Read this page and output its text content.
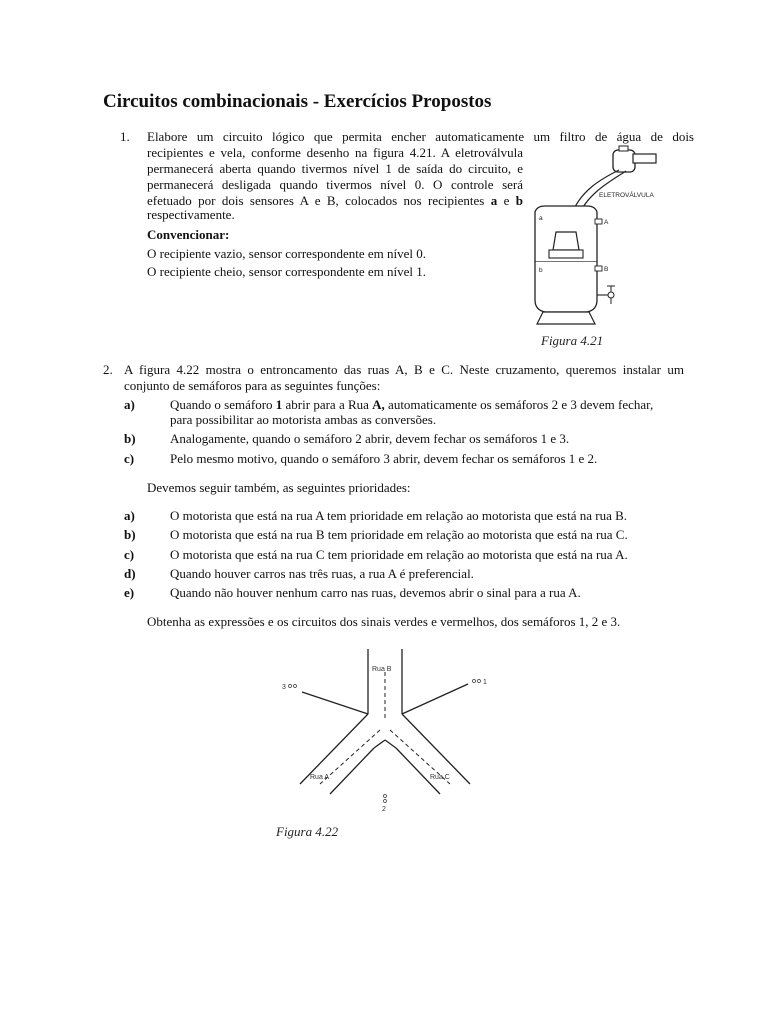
Circuitos combinacionais - Exercícios Propostos
1. Elabore um circuito lógico que permita encher automaticamente um filtro de água de dois
recipientes e vela, conforme desenho na figura 4.21. A eletroválvula
permanecerá aberta quando tivermos nível 1 de saída do circuito, e
permanecerá desligada quando tivermos nível 0. O controle será
efetuado por dois sensores A e B, colocados nos recipientes a e b
respectivamente.
Convencionar:
O recipiente vazio, sensor correspondente em nível 0.
O recipiente cheio, sensor correspondente em nível 1.
ELETROVÁLVULA
a
A
b	B
Figura 4.21
2. A figura 4.22 mostra o entroncamento das ruas A, B e C. Neste cruzamento, queremos instalar um
conjunto de semáforos para as seguintes funções:
a)	Quando o semáforo 1 abrir para a Rua A, automaticamente os semáforos 2 e 3 devem fechar,
para possibilitar ao motorista ambas as conversões.
b)	Analogamente, quando o semáforo 2 abrir, devem fechar os semáforos 1 e 3.
c)	Pelo mesmo motivo, quando o semáforo 3 abrir, devem fechar os semáforos 1 e 2.
Devemos seguir também, as seguintes prioridades:
a)	O motorista que está na rua A tem prioridade em relação ao motorista que está na rua B.
b)	O motorista que está na rua B tem prioridade em relação ao motorista que está na rua C.
c)	O motorista que está na rua C tem prioridade em relação ao motorista que está na rua A.
d)	Quando houver carros nas três ruas, a rua A é preferencial.
e)	Quando não houver nenhum carro nas ruas, devemos abrir o sinal para a rua A.
Obtenha as expressões e os circuitos dos sinais verdes e vermelhos, dos semáforos 1, 2 e 3.
Rua B
3
1
Rua A	Rua C
2
Figura 4.22
